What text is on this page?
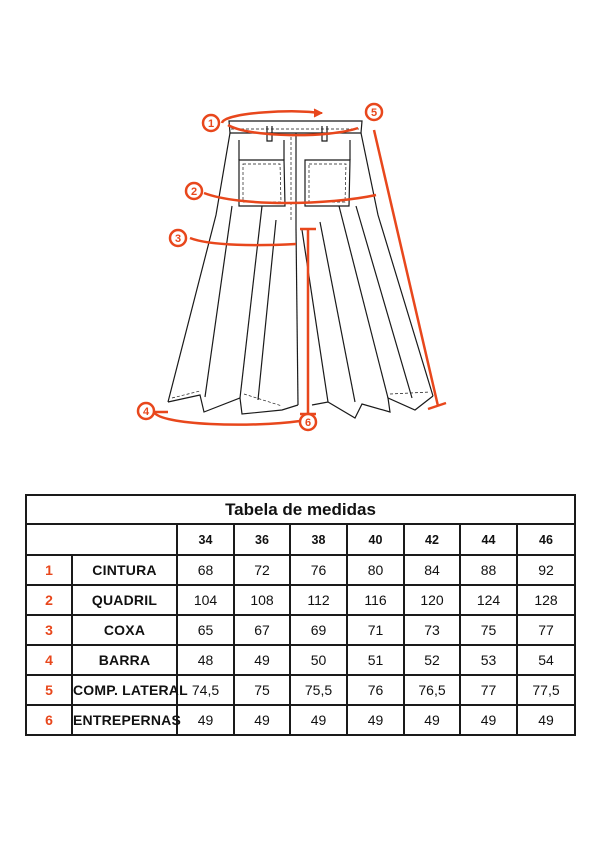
1
2
3
4
5
6
Tabela de medidas								
		34	36	38	40	42	44	46
1	CINTURA	68	72	76	80	84	88	92
2	QUADRIL	104	108	112	116	120	124	128
3	COXA	65	67	69	71	73	75	77
4	BARRA	48	49	50	51	52	53	54
5	COMP. LATERAL	74,5	75	75,5	76	76,5	77	77,5
6	ENTREPERNAS	49	49	49	49	49	49	49
